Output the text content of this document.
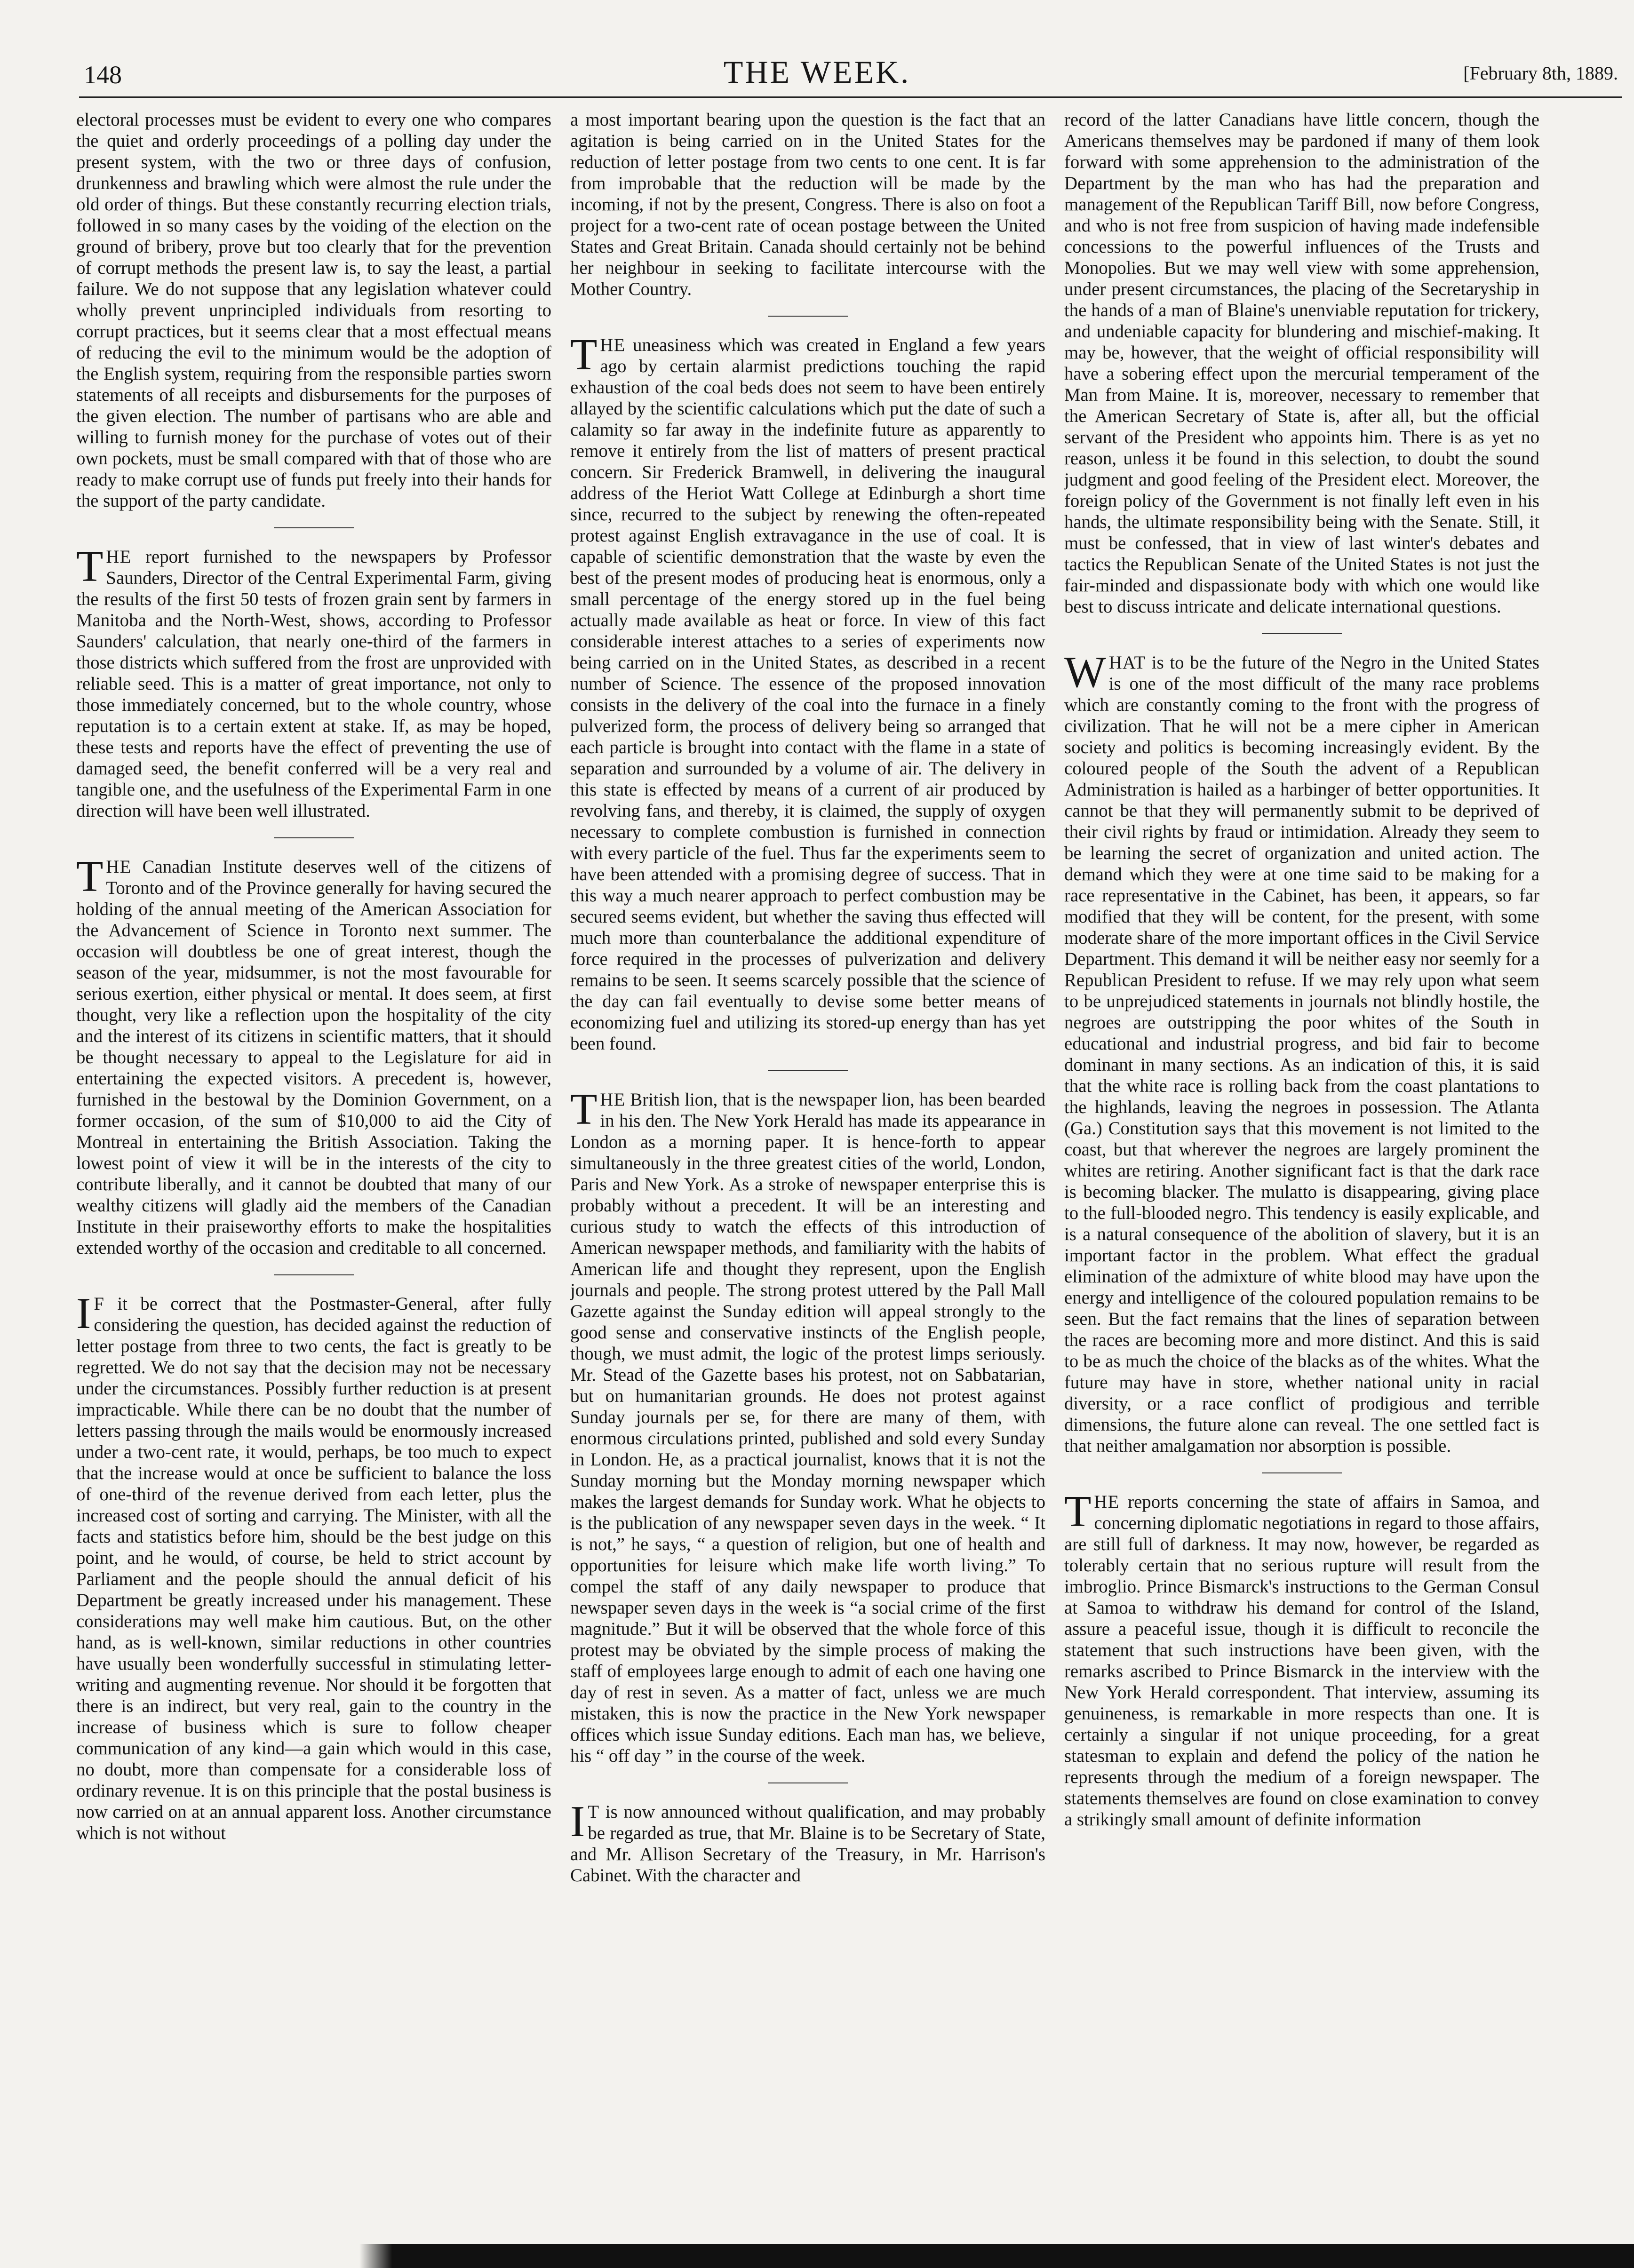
148	THE WEEK.	[February 8th, 1889.

electoral processes must be evident to every one who compares the quiet and orderly proceedings of a polling day under the present system, with the two or three days of confusion, drunkenness and brawling which were almost the rule under the old order of things. But these constantly recurring election trials, followed in so many cases by the voiding of the election on the ground of bribery, prove but too clearly that for the prevention of corrupt methods the present law is, to say the least, a partial failure. We do not suppose that any legislation whatever could wholly prevent unprincipled individuals from resorting to corrupt practices, but it seems clear that a most effectual means of reducing the evil to the minimum would be the adoption of the English system, requiring from the responsible parties sworn statements of all receipts and disbursements for the purposes of the given election. The number of partisans who are able and willing to furnish money for the purchase of votes out of their own pockets, must be small compared with that of those who are ready to make corrupt use of funds put freely into their hands for the support of the party candidate.

THE report furnished to the newspapers by Professor Saunders, Director of the Central Experimental Farm, giving the results of the first 50 tests of frozen grain sent by farmers in Manitoba and the North-West, shows, according to Professor Saunders' calculation, that nearly one-third of the farmers in those districts which suffered from the frost are unprovided with reliable seed. This is a matter of great importance, not only to those immediately concerned, but to the whole country, whose reputation is to a certain extent at stake. If, as may be hoped, these tests and reports have the effect of preventing the use of damaged seed, the benefit conferred will be a very real and tangible one, and the usefulness of the Experimental Farm in one direction will have been well illustrated.

THE Canadian Institute deserves well of the citizens of Toronto and of the Province generally for having secured the holding of the annual meeting of the American Association for the Advancement of Science in Toronto next summer. The occasion will doubtless be one of great interest, though the season of the year, midsummer, is not the most favourable for serious exertion, either physical or mental. It does seem, at first thought, very like a reflection upon the hospitality of the city and the interest of its citizens in scientific matters, that it should be thought necessary to appeal to the Legislature for aid in entertaining the expected visitors. A precedent is, however, furnished in the bestowal by the Dominion Government, on a former occasion, of the sum of $10,000 to aid the City of Montreal in entertaining the British Association. Taking the lowest point of view it will be in the interests of the city to contribute liberally, and it cannot be doubted that many of our wealthy citizens will gladly aid the members of the Canadian Institute in their praiseworthy efforts to make the hospitalities extended worthy of the occasion and creditable to all concerned.

I F it be correct that the Postmaster-General, after fully considering the question, has decided against the reduction of letter postage from three to two cents, the fact is greatly to be regretted. We do not say that the decision may not be necessary under the circumstances. Possibly further reduction is at present impracticable. While there can be no doubt that the number of letters passing through the mails would be enormously increased under a two-cent rate, it would, perhaps, be too much to expect that the increase would at once be sufficient to balance the loss of one-third of the revenue derived from each letter, plus the increased cost of sorting and carrying. The Minister, with all the facts and statistics before him, should be the best judge on this point, and he would, of course, be held to strict account by Parliament and the people should the annual deficit of his Department be greatly increased under his management. These considerations may well make him cautious. But, on the other hand, as is well-known, similar reductions in other countries have usually been wonderfully successful in stimulating letter-writing and augmenting revenue. Nor should it be forgotten that there is an indirect, but very real, gain to the country in the increase of business which is sure to follow cheaper communication of any kind—a gain which would in this case, no doubt, more than compensate for a considerable loss of ordinary revenue. It is on this principle that the postal business is now carried on at an annual apparent loss. Another circumstance which is not without

a most important bearing upon the question is the fact that an agitation is being carried on in the United States for the reduction of letter postage from two cents to one cent. It is far from improbable that the reduction will be made by the incoming, if not by the present, Congress. There is also on foot a project for a two-cent rate of ocean postage between the United States and Great Britain. Canada should certainly not be behind her neighbour in seeking to facilitate intercourse with the Mother Country.

THE uneasiness which was created in England a few years ago by certain alarmist predictions touching the rapid exhaustion of the coal beds does not seem to have been entirely allayed by the scientific calculations which put the date of such a calamity so far away in the indefinite future as apparently to remove it entirely from the list of matters of present practical concern. Sir Frederick Bramwell, in delivering the inaugural address of the Heriot Watt College at Edinburgh a short time since, recurred to the subject by renewing the often-repeated protest against English extravagance in the use of coal. It is capable of scientific demonstration that the waste by even the best of the present modes of producing heat is enormous, only a small percentage of the energy stored up in the fuel being actually made available as heat or force. In view of this fact considerable interest attaches to a series of experiments now being carried on in the United States, as described in a recent number of Science. The essence of the proposed innovation consists in the delivery of the coal into the furnace in a finely pulverized form, the process of delivery being so arranged that each particle is brought into contact with the flame in a state of separation and surrounded by a volume of air. The delivery in this state is effected by means of a current of air produced by revolving fans, and thereby, it is claimed, the supply of oxygen necessary to complete combustion is furnished in connection with every particle of the fuel. Thus far the experiments seem to have been attended with a promising degree of success. That in this way a much nearer approach to perfect combustion may be secured seems evident, but whether the saving thus effected will much more than counterbalance the additional expenditure of force required in the processes of pulverization and delivery remains to be seen. It seems scarcely possible that the science of the day can fail eventually to devise some better means of economizing fuel and utilizing its stored-up energy than has yet been found.

THE British lion, that is the newspaper lion, has been bearded in his den. The New York Herald has made its appearance in London as a morning paper. It is hence-forth to appear simultaneously in the three greatest cities of the world, London, Paris and New York. As a stroke of newspaper enterprise this is probably without a precedent. It will be an interesting and curious study to watch the effects of this introduction of American newspaper methods, and familiarity with the habits of American life and thought they represent, upon the English journals and people. The strong protest uttered by the Pall Mall Gazette against the Sunday edition will appeal strongly to the good sense and conservative instincts of the English people, though, we must admit, the logic of the protest limps seriously. Mr. Stead of the Gazette bases his protest, not on Sabbatarian, but on humanitarian grounds. He does not protest against Sunday journals per se, for there are many of them, with enormous circulations printed, published and sold every Sunday in London. He, as a practical journalist, knows that it is not the Sunday morning but the Monday morning newspaper which makes the largest demands for Sunday work. What he objects to is the publication of any newspaper seven days in the week. “ It is not,” he says, “ a question of religion, but one of health and opportunities for leisure which make life worth living.” To compel the staff of any daily newspaper to produce that newspaper seven days in the week is “a social crime of the first magnitude.” But it will be observed that the whole force of this protest may be obviated by the simple process of making the staff of employees large enough to admit of each one having one day of rest in seven. As a matter of fact, unless we are much mistaken, this is now the practice in the New York newspaper offices which issue Sunday editions. Each man has, we believe, his “ off day ” in the course of the week.

I T is now announced without qualification, and may probably be regarded as true, that Mr. Blaine is to be Secretary of State, and Mr. Allison Secretary of the Treasury, in Mr. Harrison's Cabinet. With the character and

record of the latter Canadians have little concern, though the Americans themselves may be pardoned if many of them look forward with some apprehension to the administration of the Department by the man who has had the preparation and management of the Republican Tariff Bill, now before Congress, and who is not free from suspicion of having made indefensible concessions to the powerful influences of the Trusts and Monopolies. But we may well view with some apprehension, under present circumstances, the placing of the Secretaryship in the hands of a man of Blaine's unenviable reputation for trickery, and undeniable capacity for blundering and mischief-making. It may be, however, that the weight of official responsibility will have a sobering effect upon the mercurial temperament of the Man from Maine. It is, moreover, necessary to remember that the American Secretary of State is, after all, but the official servant of the President who appoints him. There is as yet no reason, unless it be found in this selection, to doubt the sound judgment and good feeling of the President elect. Moreover, the foreign policy of the Government is not finally left even in his hands, the ultimate responsibility being with the Senate. Still, it must be confessed, that in view of last winter's debates and tactics the Republican Senate of the United States is not just the fair-minded and dispassionate body with which one would like best to discuss intricate and delicate international questions.

WHAT is to be the future of the Negro in the United States is one of the most difficult of the many race problems which are constantly coming to the front with the progress of civilization. That he will not be a mere cipher in American society and politics is becoming increasingly evident. By the coloured people of the South the advent of a Republican Administration is hailed as a harbinger of better opportunities. It cannot be that they will permanently submit to be deprived of their civil rights by fraud or intimidation. Already they seem to be learning the secret of organization and united action. The demand which they were at one time said to be making for a race representative in the Cabinet, has been, it appears, so far modified that they will be content, for the present, with some moderate share of the more important offices in the Civil Service Department. This demand it will be neither easy nor seemly for a Republican President to refuse. If we may rely upon what seem to be unprejudiced statements in journals not blindly hostile, the negroes are outstripping the poor whites of the South in educational and industrial progress, and bid fair to become dominant in many sections. As an indication of this, it is said that the white race is rolling back from the coast plantations to the highlands, leaving the negroes in possession. The Atlanta (Ga.) Constitution says that this movement is not limited to the coast, but that wherever the negroes are largely prominent the whites are retiring. Another significant fact is that the dark race is becoming blacker. The mulatto is disappearing, giving place to the full-blooded negro. This tendency is easily explicable, and is a natural consequence of the abolition of slavery, but it is an important factor in the problem. What effect the gradual elimination of the admixture of white blood may have upon the energy and intelligence of the coloured population remains to be seen. But the fact remains that the lines of separation between the races are becoming more and more distinct. And this is said to be as much the choice of the blacks as of the whites. What the future may have in store, whether national unity in racial diversity, or a race conflict of prodigious and terrible dimensions, the future alone can reveal. The one settled fact is that neither amalgamation nor absorption is possible.

THE reports concerning the state of affairs in Samoa, and concerning diplomatic negotiations in regard to those affairs, are still full of darkness. It may now, however, be regarded as tolerably certain that no serious rupture will result from the imbroglio. Prince Bismarck's instructions to the German Consul at Samoa to withdraw his demand for control of the Island, assure a peaceful issue, though it is difficult to reconcile the statement that such instructions have been given, with the remarks ascribed to Prince Bismarck in the interview with the New York Herald correspondent. That interview, assuming its genuineness, is remarkable in more respects than one. It is certainly a singular if not unique proceeding, for a great statesman to explain and defend the policy of the nation he represents through the medium of a foreign newspaper. The statements themselves are found on close examination to convey a strikingly small amount of definite information
